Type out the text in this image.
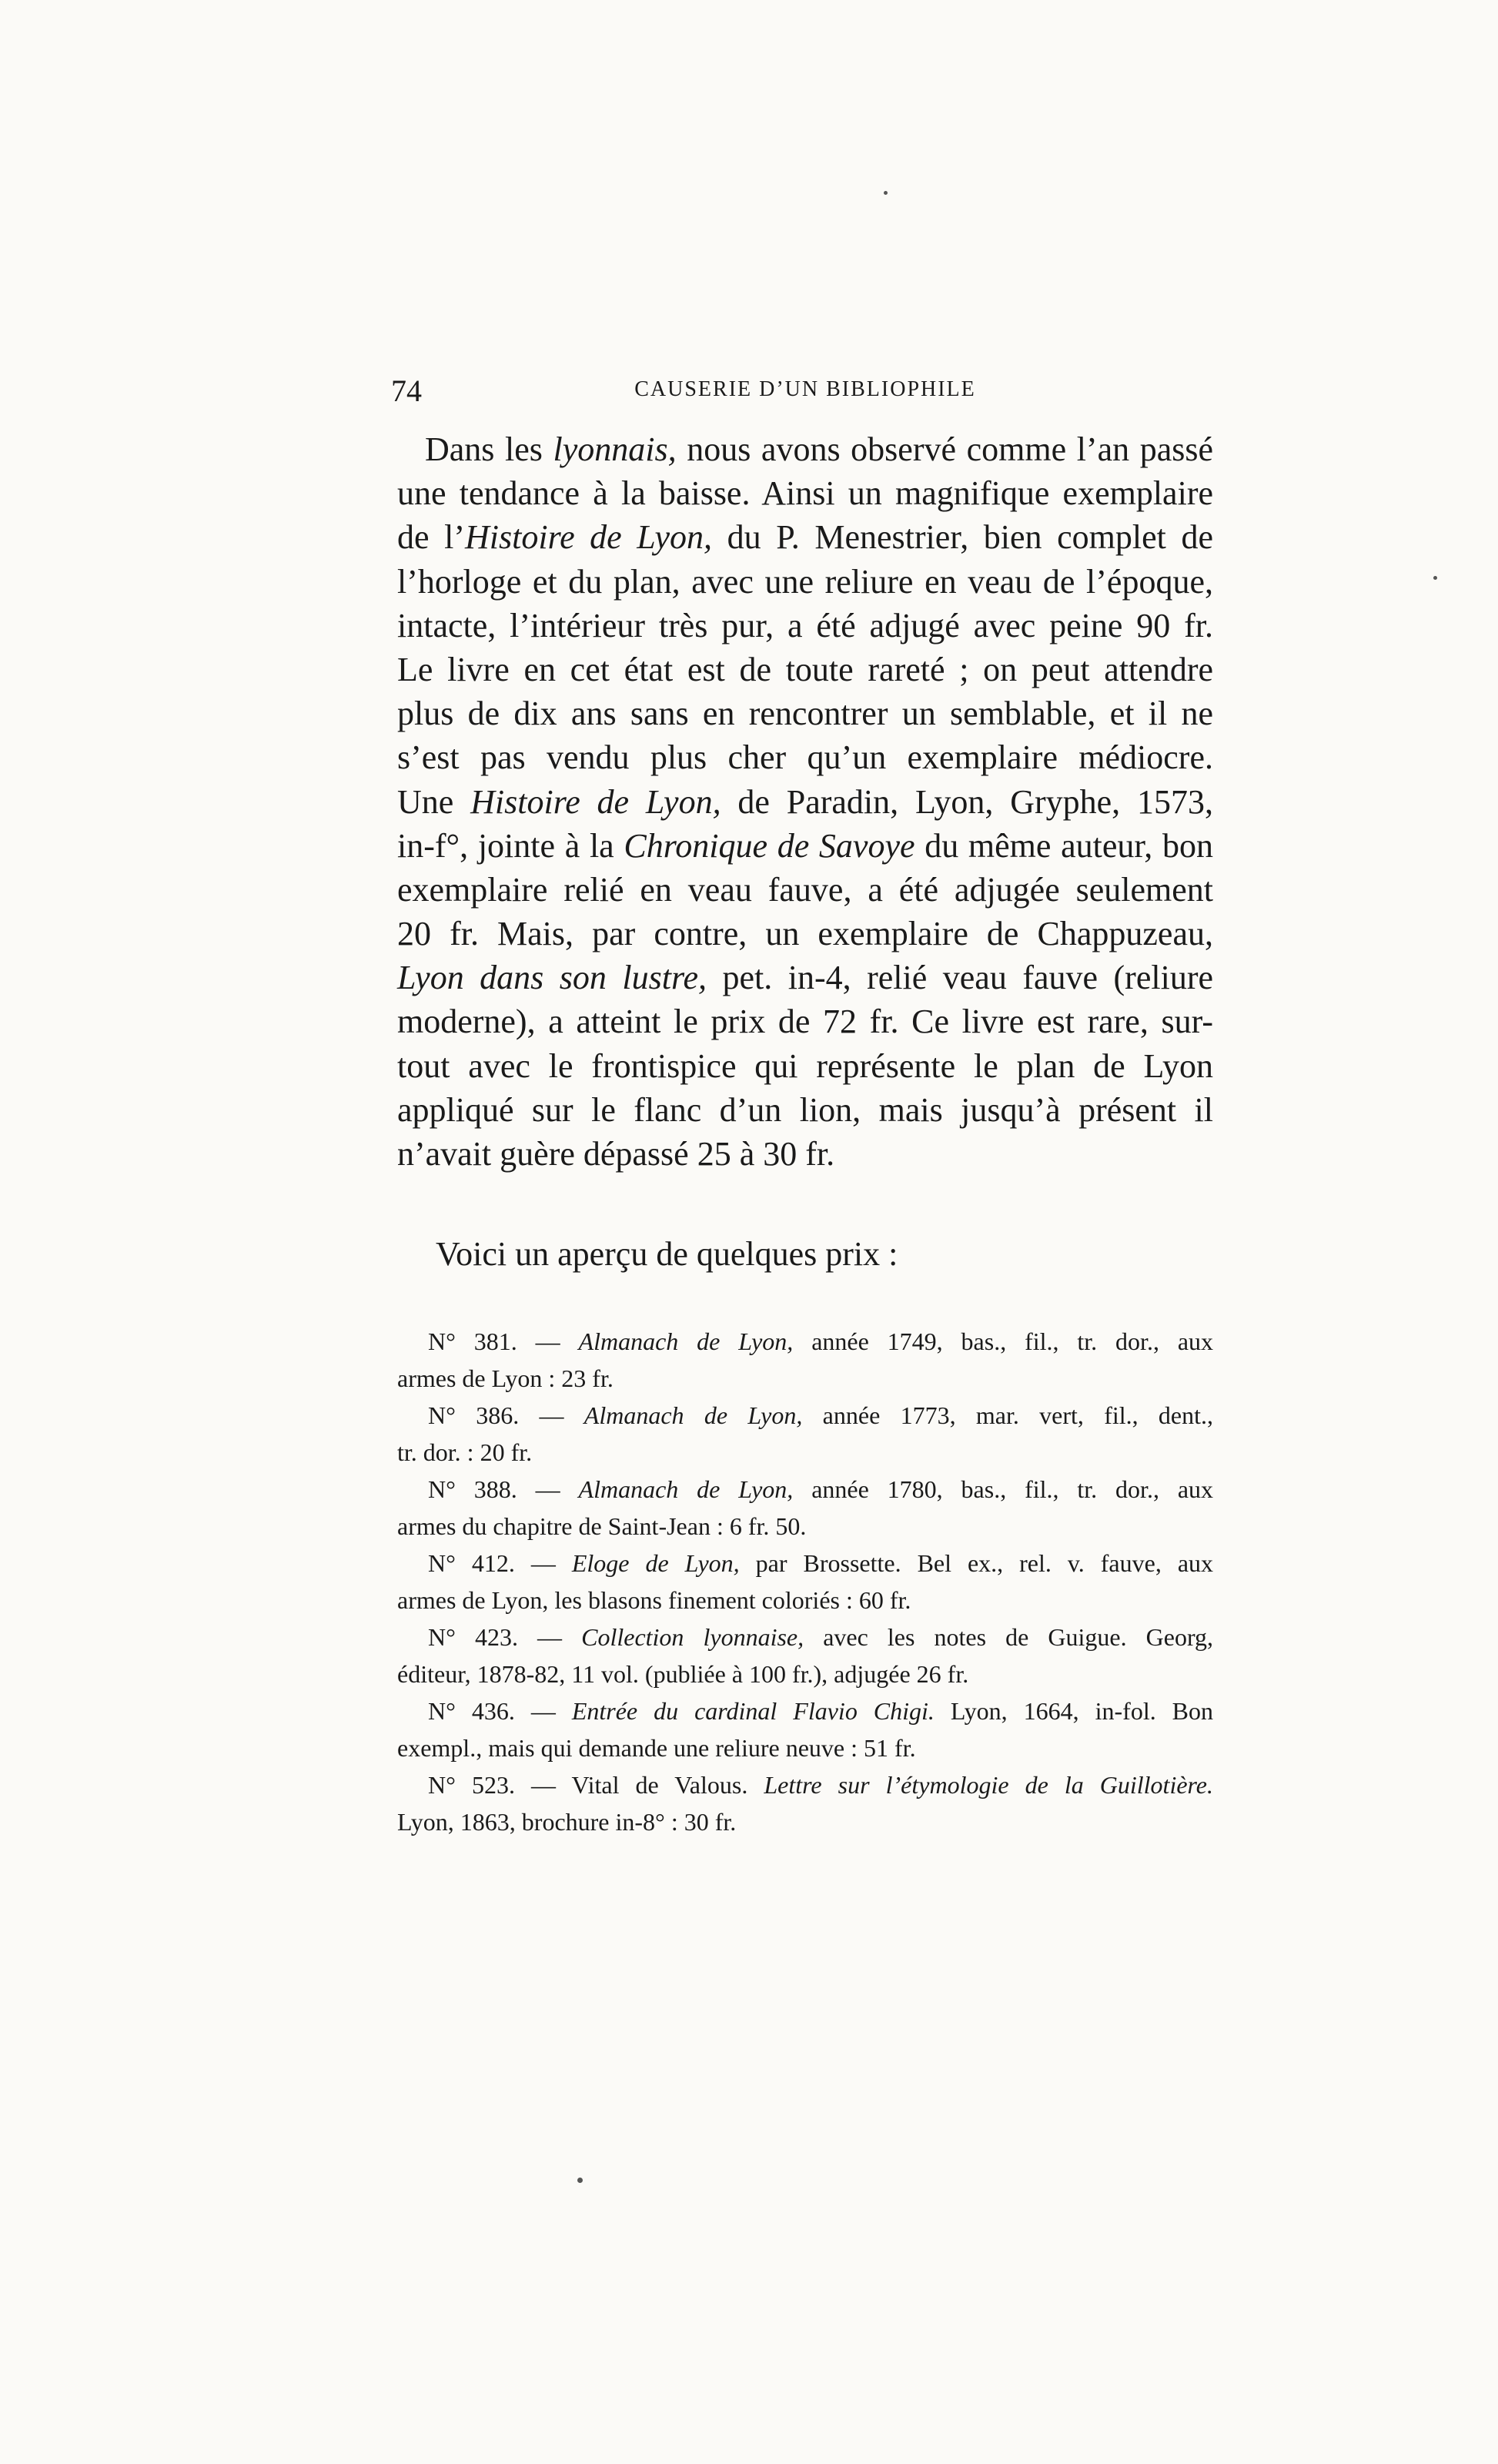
74	CAUSERIE D’UN BIBLIOPHILE
Dans les lyonnais, nous avons observé comme l’an passé
une tendance à la baisse. Ainsi un magnifique exemplaire
de l’Histoire de Lyon, du P. Menestrier, bien complet de
l’horloge et du plan, avec une reliure en veau de l’époque,
intacte, l’intérieur très pur, a été adjugé avec peine 90 fr.
Le livre en cet état est de toute rareté ; on peut attendre
plus de dix ans sans en rencontrer un semblable, et il ne
s’est pas vendu plus cher qu’un exemplaire médiocre.
Une Histoire de Lyon, de Paradin, Lyon, Gryphe, 1573,
in-f°, jointe à la Chronique de Savoye du même auteur, bon
exemplaire relié en veau fauve, a été adjugée seulement
20 fr. Mais, par contre, un exemplaire de Chappuzeau,
Lyon dans son lustre, pet. in-4, relié veau fauve (reliure
moderne), a atteint le prix de 72 fr. Ce livre est rare, sur-
tout avec le frontispice qui représente le plan de Lyon
appliqué sur le flanc d’un lion, mais jusqu’à présent il
n’avait guère dépassé 25 à 30 fr.
Voici un aperçu de quelques prix :
N° 381. — Almanach de Lyon, année 1749, bas., fil., tr. dor., aux
armes de Lyon : 23 fr.
N° 386. — Almanach de Lyon, année 1773, mar. vert, fil., dent.,
tr. dor. : 20 fr.
N° 388. — Almanach de Lyon, année 1780, bas., fil., tr. dor., aux
armes du chapitre de Saint-Jean : 6 fr. 50.
N° 412. — Eloge de Lyon, par Brossette. Bel ex., rel. v. fauve, aux
armes de Lyon, les blasons finement coloriés : 60 fr.
N° 423. — Collection lyonnaise, avec les notes de Guigue. Georg,
éditeur, 1878-82, 11 vol. (publiée à 100 fr.), adjugée 26 fr.
N° 436. — Entrée du cardinal Flavio Chigi. Lyon, 1664, in-fol. Bon
exempl., mais qui demande une reliure neuve : 51 fr.
N° 523. — Vital de Valous. Lettre sur l’étymologie de la Guillotière.
Lyon, 1863, brochure in-8° : 30 fr.
